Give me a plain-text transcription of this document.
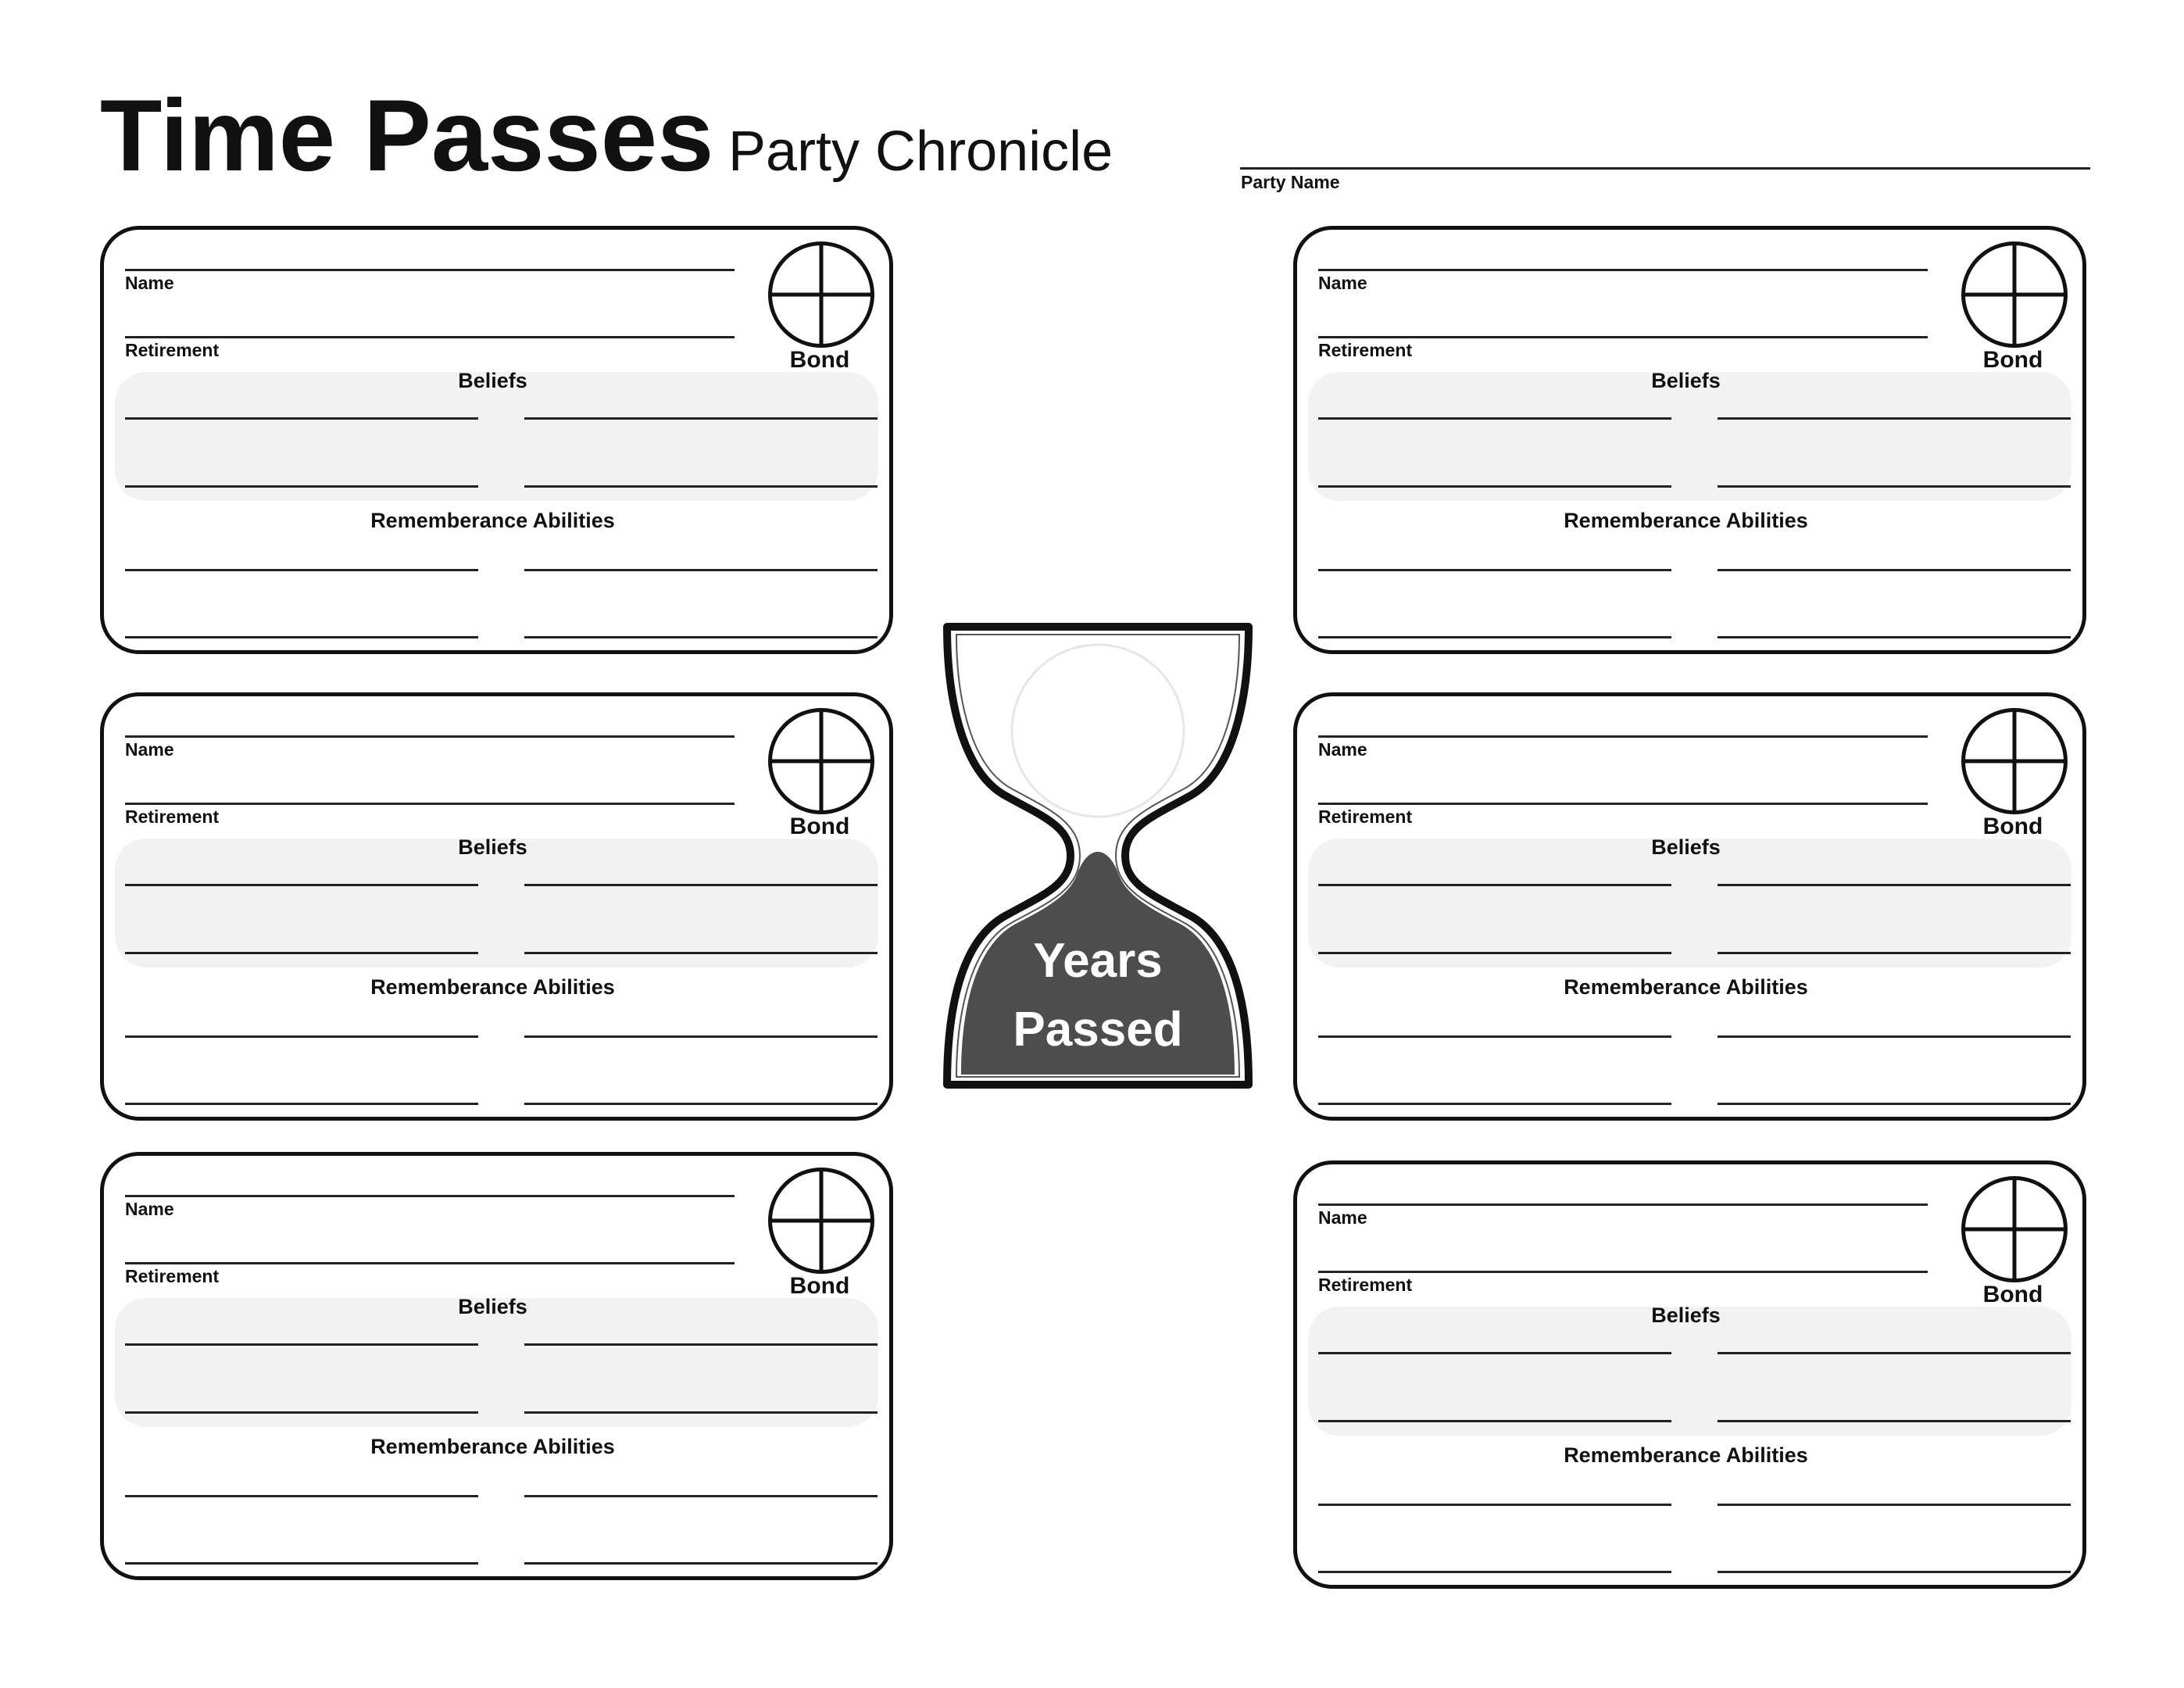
Time Passes Party Chronicle	Party Name
Name
Retirement	Bond
Beliefs
Rememberance Abilities
Name
Retirement	Bond
Beliefs
Rememberance Abilities
Name
Retirement	Bond
Beliefs
Rememberance Abilities
Name
Retirement	Bond
Beliefs
Rememberance Abilities
Name
Retirement	Bond
Beliefs
Rememberance Abilities
Name
Retirement	Bond
Beliefs
Rememberance Abilities
Years
Passed
